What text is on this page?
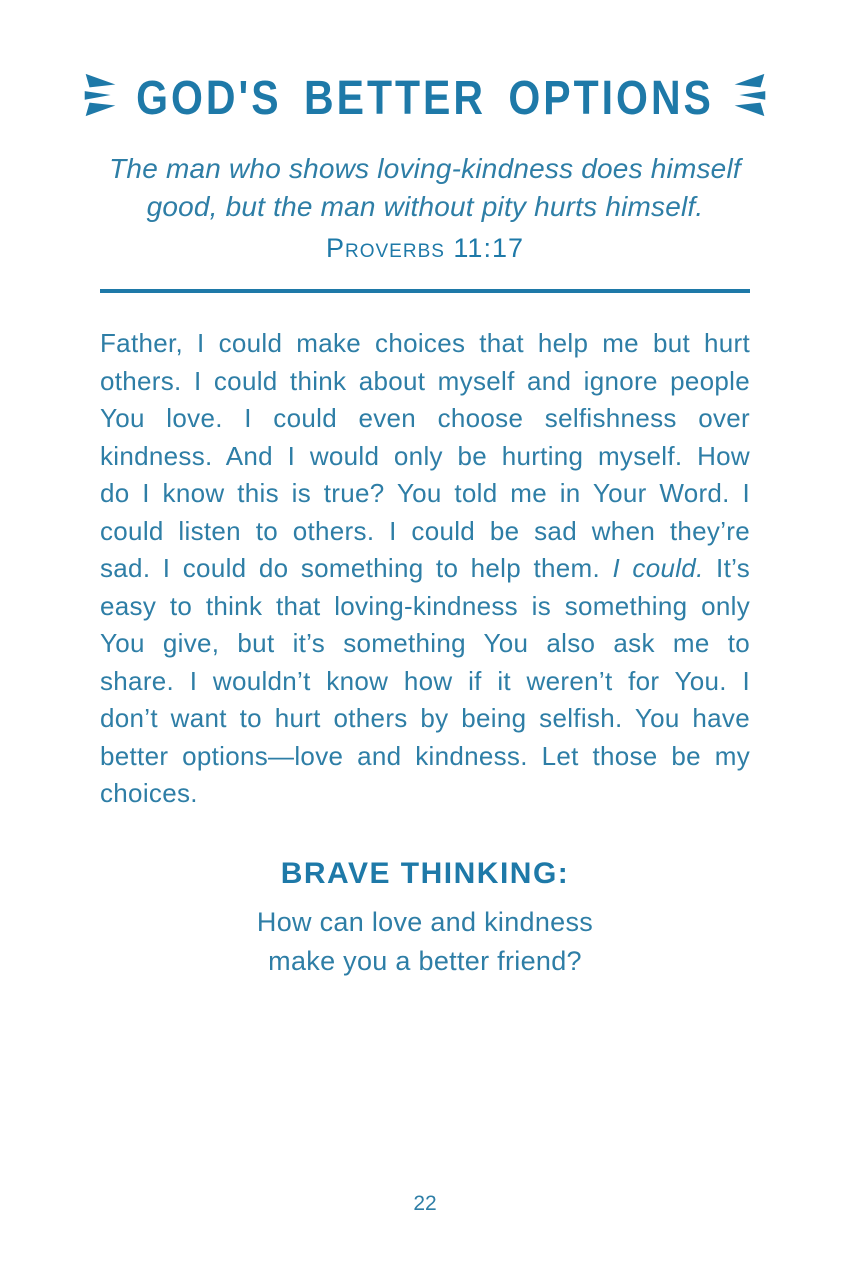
GOD'S BETTER OPTIONS
The man who shows loving-kindness does himself
good, but the man without pity hurts himself.
Proverbs 11:17

Father, I could make choices that help me but hurt others. I could think about myself and ignore people You love. I could even choose selfishness over kindness. And I would only be hurting myself. How do I know this is true? You told me in Your Word. I could listen to others. I could be sad when they’re sad. I could do something to help them. I could. It’s easy to think that loving-kindness is something only You give, but it’s something You also ask me to share. I wouldn’t know how if it weren’t for You. I don’t want to hurt others by being selfish. You have better options—love and kindness. Let those be my choices.

BRAVE THINKING:
How can love and kindness
make you a better friend?
22
